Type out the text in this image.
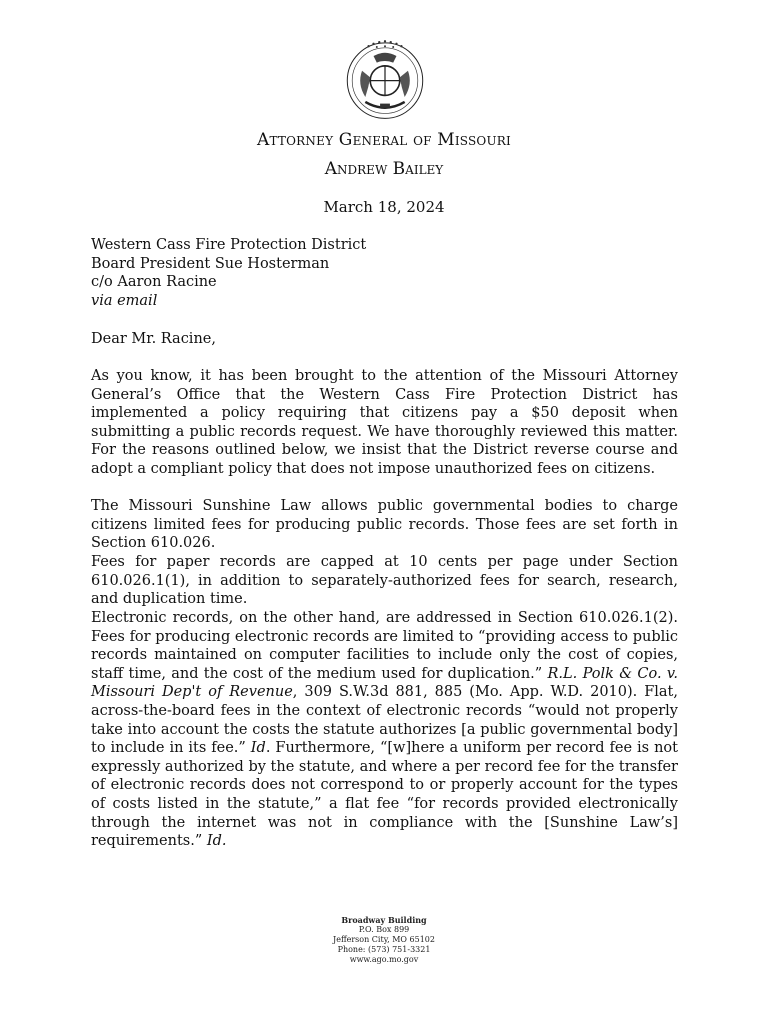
Attorney General of Missouri
Andrew Bailey
March 18, 2024
Western Cass Fire Protection District
Board President Sue Hosterman
c/o Aaron Racine
via email
Dear Mr. Racine,

As you know, it has been brought to the attention of the Missouri Attorney General’s Office that the Western Cass Fire Protection District has implemented a policy requiring that citizens pay a $50 deposit when submitting a public records request. We have thoroughly reviewed this matter. For the reasons outlined below, we insist that the District reverse course and adopt a compliant policy that does not impose unauthorized fees on citizens.

The Missouri Sunshine Law allows public governmental bodies to charge citizens limited fees for producing public records. Those fees are set forth in Section 610.026.

Fees for paper records are capped at 10 cents per page under Section 610.026.1(1), in addition to separately-authorized fees for search, research, and duplication time.

Electronic records, on the other hand, are addressed in Section 610.026.1(2). Fees for producing electronic records are limited to “providing access to public records maintained on computer facilities to include only the cost of copies, staff time, and the cost of the medium used for duplication.” R.L. Polk & Co. v. Missouri Dep't of Revenue, 309 S.W.3d 881, 885 (Mo. App. W.D. 2010). Flat, across-the-board fees in the context of electronic records “would not properly take into account the costs the statute authorizes [a public governmental body] to include in its fee.” Id. Furthermore, “[w]here a uniform per record fee is not expressly authorized by the statute, and where a per record fee for the transfer of electronic records does not correspond to or properly account for the types of costs listed in the statute,” a flat fee “for records provided electronically through the internet was not in compliance with the [Sunshine Law’s] requirements.” Id.

Broadway Building
P.O. Box 899
Jefferson City, MO 65102
Phone: (573) 751-3321
www.ago.mo.gov
